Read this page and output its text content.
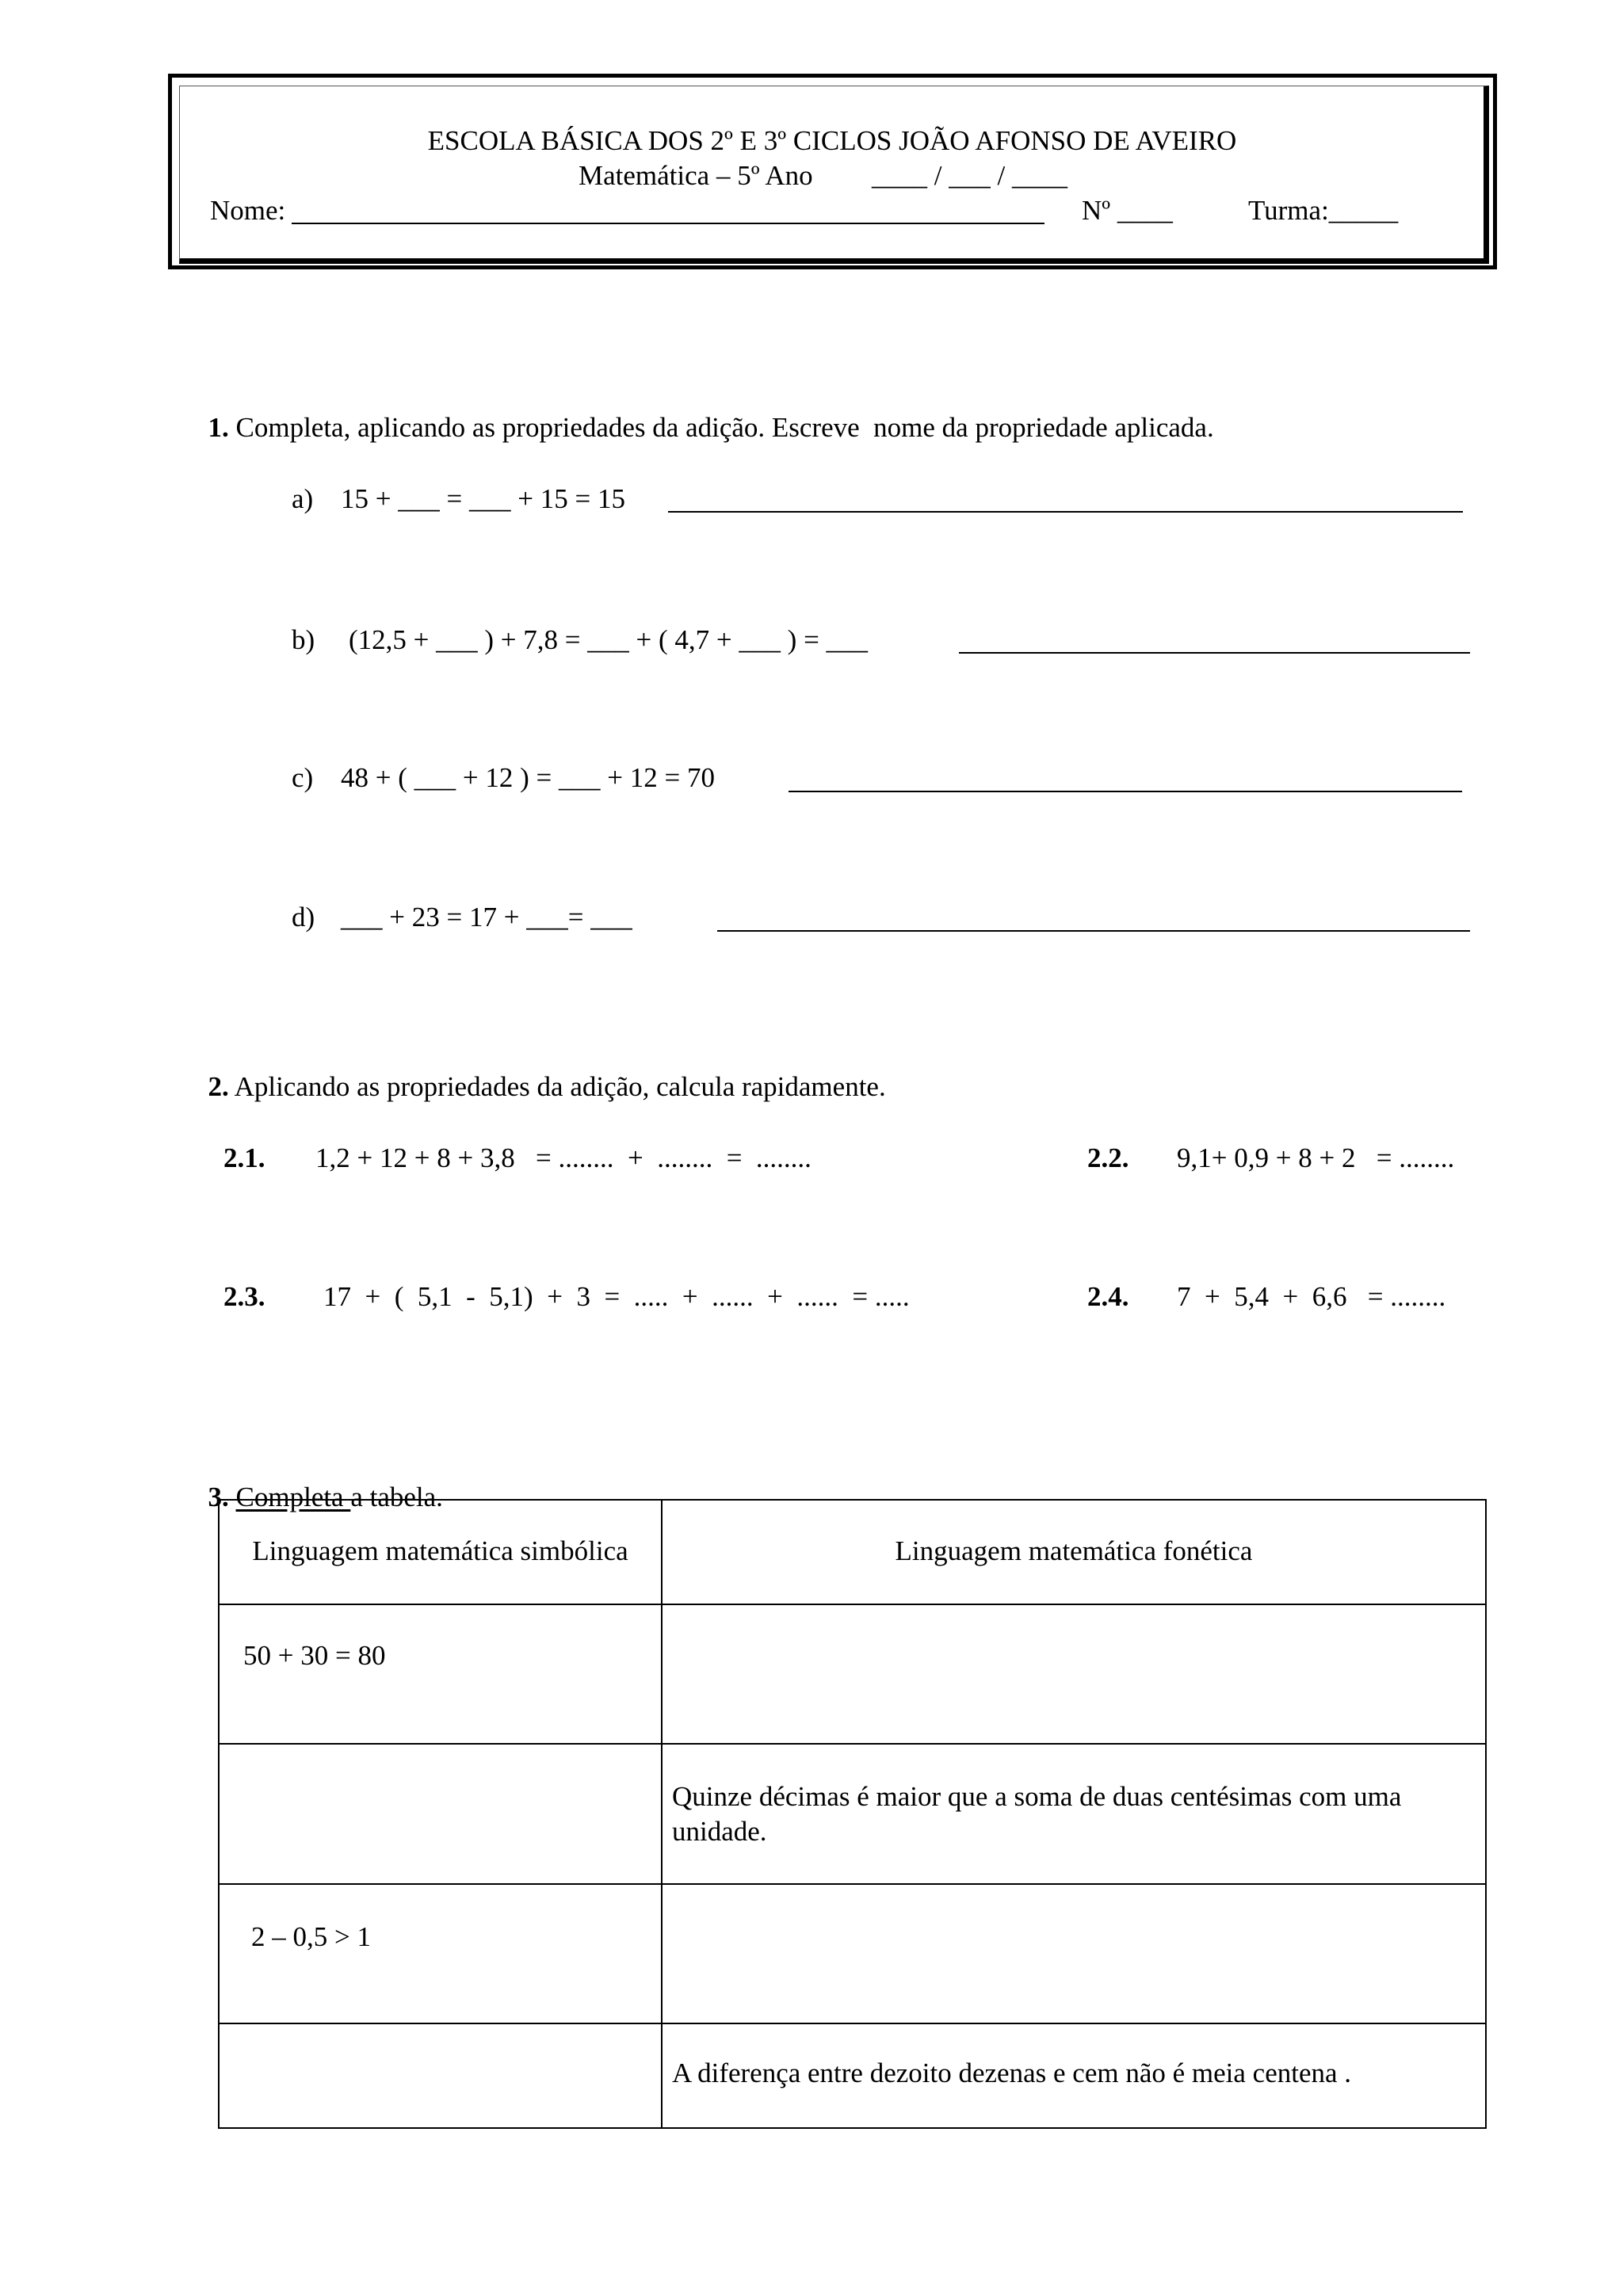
ESCOLA BÁSICA DOS 2º E 3º CICLOS JOÃO AFONSO DE AVEIRO
Matemática – 5º Ano ____ / ___ / ____
Nome:	Nº ____	Turma:_____

1. Completa, aplicando as propriedades da adição. Escreve  nome da propriedade aplicada.

a) 15 + ___ = ___ + 15 = 15
b) (12,5 + ___ ) + 7,8 = ___ + ( 4,7 + ___ ) = ___
c) 48 + ( ___ + 12 ) = ___ + 12 = 70
d) ___ + 23 = 17 + ___= ___

2. Aplicando as propriedades da adição, calcula rapidamente.

2.1. 1,2 + 12 + 8 + 3,8   = ........  +  ........  =  ........	2.2. 9,1+ 0,9 + 8 + 2   = ........
2.3. 17  +  (  5,1  -  5,1)  +  3  =  .....  +  ......  +  ......  = .....	2.4. 7  +  5,4  +  6,6   = ........

3. Completa a tabela.

Linguagem matemática simbólica	Linguagem matemática fonética

50 + 30 = 80	

	Quinze décimas é maior que a soma de duas centésimas com uma unidade.

2 – 0,5 > 1	

	A diferença entre dezoito dezenas e cem não é meia centena .
